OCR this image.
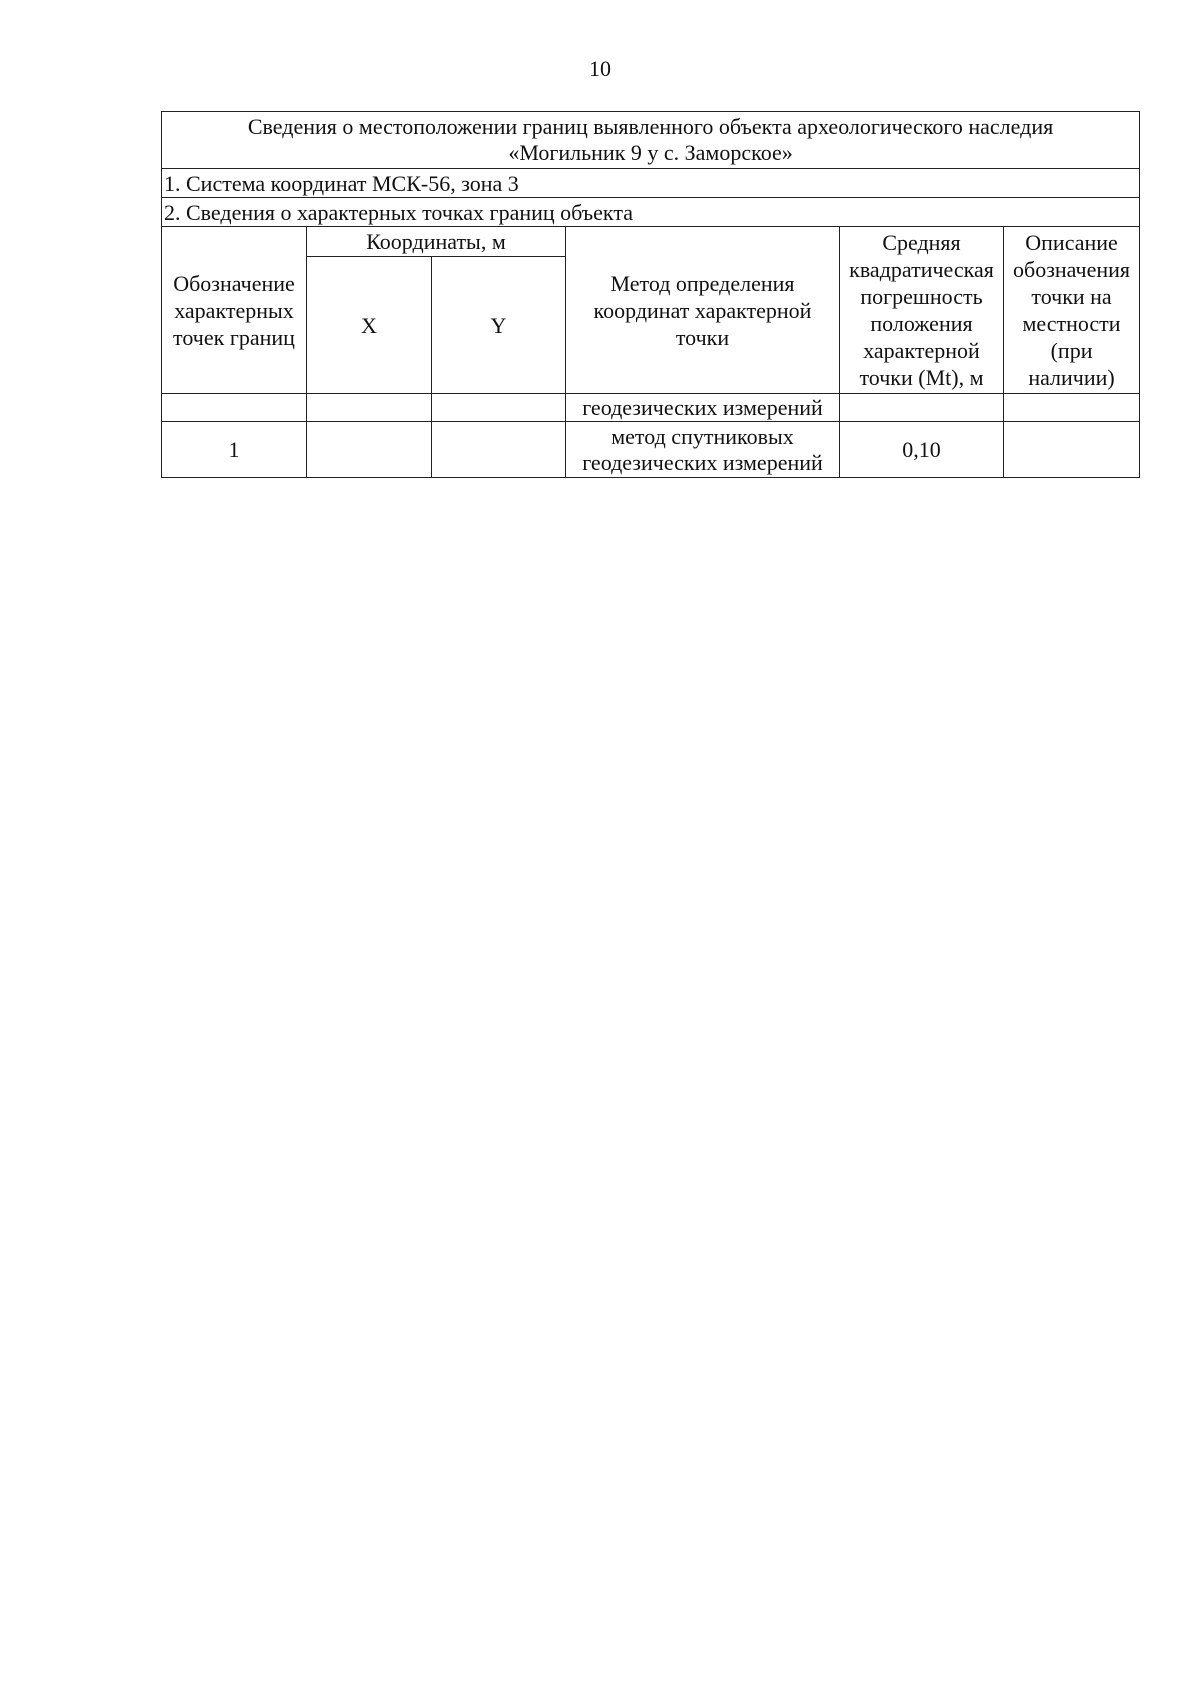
10
Сведения о местоположении границ выявленного объекта археологического наследия
«Могильник 9 у с. Заморское»					

1. Система координат МСК-56, зона 3					
2. Сведения о характерных точках границ объекта					
Обозначение характерных точек границ	Координаты, м		Метод определения координат характерной точки	Средняя квадратическая погрешность положения характерной точки (Mt), м	Описание обозначения точки на местности (при наличии)
	X	Y			
			геодезических измерений		
1			метод спутниковых геодезических измерений	0,10	
